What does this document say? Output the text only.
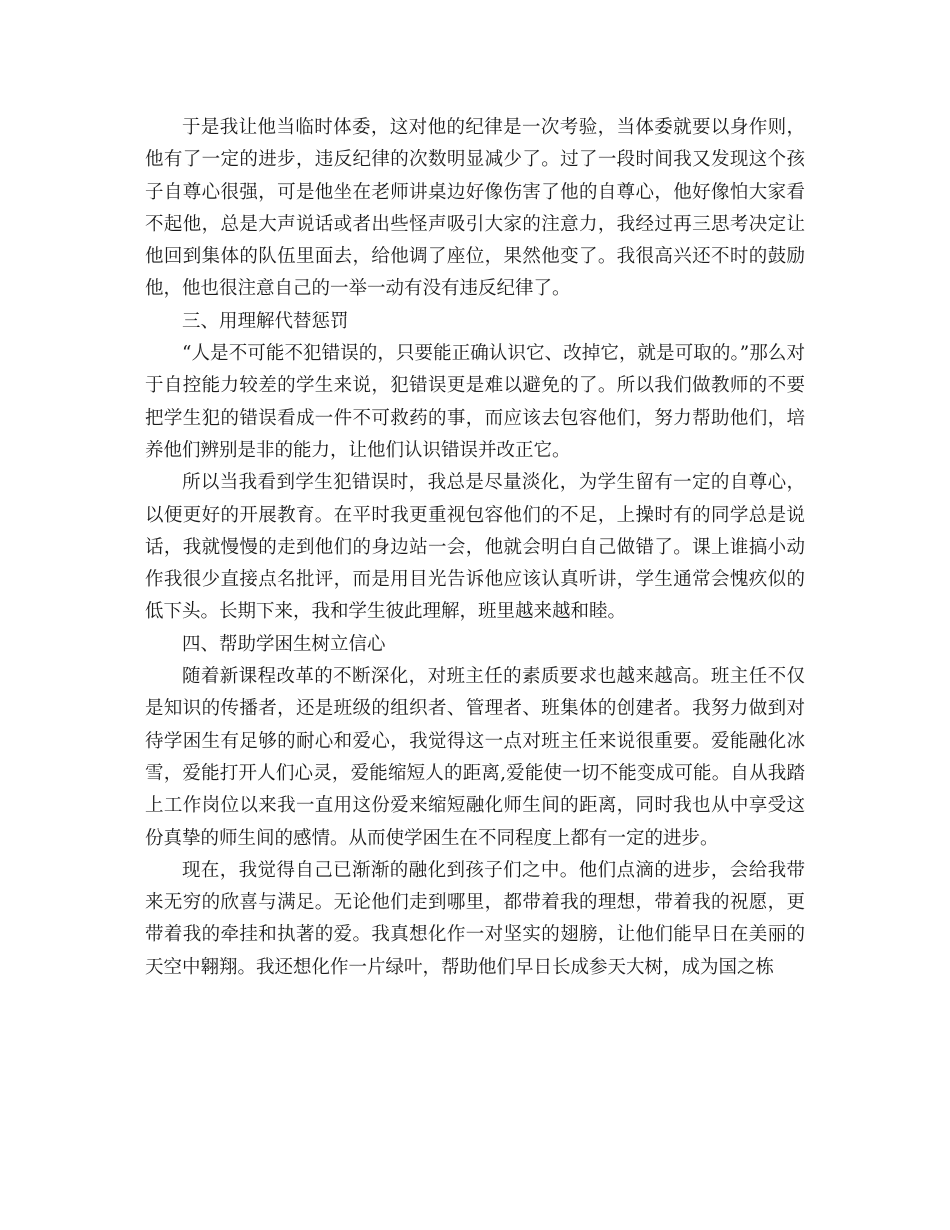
于是我让他当临时体委，这对他的纪律是一次考验，当体委就要以身作则，他有了一定的进步，违反纪律的次数明显减少了。过了一段时间我又发现这个孩子自尊心很强，可是他坐在老师讲桌边好像伤害了他的自尊心，他好像怕大家看不起他，总是大声说话或者出些怪声吸引大家的注意力，我经过再三思考决定让他回到集体的队伍里面去，给他调了座位，果然他变了。我很高兴还不时的鼓励他，他也很注意自己的一举一动有没有违反纪律了。

三、用理解代替惩罚

“人是不可能不犯错误的，只要能正确认识它、改掉它，就是可取的。”那么对于自控能力较差的学生来说，犯错误更是难以避免的了。所以我们做教师的不要把学生犯的错误看成一件不可救药的事，而应该去包容他们，努力帮助他们，培养他们辨别是非的能力，让他们认识错误并改正它。

所以当我看到学生犯错误时，我总是尽量淡化，为学生留有一定的自尊心，以便更好的开展教育。在平时我更重视包容他们的不足，上操时有的同学总是说话，我就慢慢的走到他们的身边站一会，他就会明白自己做错了。课上谁搞小动作我很少直接点名批评，而是用目光告诉他应该认真听讲，学生通常会愧疚似的低下头。长期下来，我和学生彼此理解，班里越来越和睦。

四、帮助学困生树立信心

随着新课程改革的不断深化，对班主任的素质要求也越来越高。班主任不仅是知识的传播者，还是班级的组织者、管理者、班集体的创建者。我努力做到对待学困生有足够的耐心和爱心，我觉得这一点对班主任来说很重要。爱能融化冰雪，爱能打开人们心灵，爱能缩短人的距离,爱能使一切不能变成可能。自从我踏上工作岗位以来我一直用这份爱来缩短融化师生间的距离，同时我也从中享受这份真挚的师生间的感情。从而使学困生在不同程度上都有一定的进步。

现在，我觉得自己已渐渐的融化到孩子们之中。他们点滴的进步，会给我带来无穷的欣喜与满足。无论他们走到哪里，都带着我的理想，带着我的祝愿，更带着我的牵挂和执著的爱。我真想化作一对坚实的翅膀，让他们能早日在美丽的天空中翱翔。我还想化作一片绿叶，帮助他们早日长成参天大树，成为国之栋
